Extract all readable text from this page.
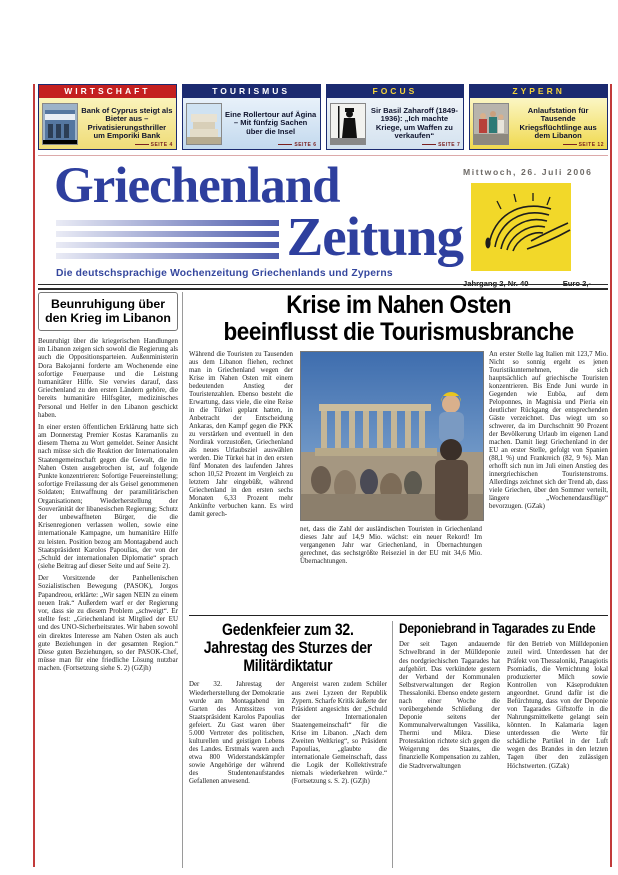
WIRTSCHAFT
Bank of Cyprus steigt als Bieter aus – Privatisierungsthriller um Emporiki Bank
SEITE 4
TOURISMUS
Eine Rollertour auf Ägina – Mit fünfzig Sachen über die Insel
SEITE 6
FOCUS
Sir Basil Zaharoff (1849-1936): „Ich machte Kriege, um Waffen zu verkaufen“
SEITE 7
ZYPERN
Anlaufstation für Tausende Kriegsflüchtlinge aus dem Libanon
SEITE 12
Griechenland
Zeitung
Die deutschsprachige Wochenzeitung Griechenlands und Zyperns
Mittwoch, 26. Juli 2006
Jahrgang 2, Nr. 40	Euro 2,-
Beunruhigung über den Krieg im Libanon

Beunruhigt über die kriegerischen Handlungen im Libanon zeigen sich sowohl die Regierung als auch die Oppositionsparteien. Außenministerin Dora Bakojanni forderte am Wochenende eine sofortige Feuerpause und die Leistung humanitärer Hilfe. Sie verwies darauf, dass Griechenland zu den ersten Ländern gehöre, die bereits humanitäre Hilfsgüter, medizinisches Personal und Helfer in den Libanon geschickt haben.

In einer ersten öffentlichen Erklärung hatte sich am Donnerstag Premier Kostas Karamanlis zu diesem Thema zu Wort gemeldet. Seiner Ansicht nach müsse sich die Reaktion der Internationalen Staatengemeinschaft gegen die Gewalt, die im Nahen Osten ausgebrochen ist, auf folgende Punkte konzentrieren: Sofortige Feuereinstellung; sofortige Freilassung der als Geisel genommenen Soldaten; Entwaffnung der paramilitärischen Organisationen; Wiederherstellung der Souveränität der libanesischen Regierung; Schutz der unbewaffneten Bürger, die die Krisenregionen verlassen wollen, sowie eine internationale Kampagne, um humanitäre Hilfe zu leisten. Position bezog am Montagabend auch Staatspräsident Karolos Papoulias, der von der „Schuld der internationalen Diplomatie“ sprach (siehe Beitrag auf dieser Seite und auf Seite 2).

Der Vorsitzende der Panhellenischen Sozialistischen Bewegung (PASOK), Jorgos Papandreou, erklärte: „Wir sagen NEIN zu einem neuen Irak.“ Außerdem warf er der Regierung vor, dass sie zu diesem Problem „schweigt“. Er stellte fest: „Griechenland ist Mitglied der EU und des UNO-Sicherheitsrates. Wir haben sowohl ein direktes Interesse am Nahen Osten als auch gute Beziehungen in der gesamten Region.“ Diese guten Beziehungen, so der PASOK-Chef, müsse man für eine friedliche Lösung nutzbar machen. (Fortsetzung siehe S. 2) (GZjh)

Krise im Nahen Osten
beeinflusst die Tourismusbranche

Während die Touristen zu Tausenden aus dem Libanon fliehen, rechnet man in Griechenland wegen der Krise im Nahen Osten mit einem bedeutenden Anstieg der Touristenzahlen. Ebenso besteht die Erwartung, dass viele, die eine Reise in die Türkei geplant hatten, in Anbetracht der Entscheidung Ankaras, den Kampf gegen die PKK zu verstärken und eventuell in den Nordirak vorzustoßen, Griechenland als neues Urlaubsziel auswählen werden. Die Türkei hat in den ersten fünf Monaten des laufenden Jahres schon 10,52 Prozent im Vergleich zu letztem Jahr eingebüßt, während Griechenland in den ersten sechs Monaten 6,33 Prozent mehr Ankünfte verbuchen kann. Es wird damit gerech-

net, dass die Zahl der ausländischen Touristen in Griechenland dieses Jahr auf 14,9 Mio. wächst: ein neuer Rekord! Im vergangenen Jahr war Griechenland, in Übernachtungen gerechnet, das sechstgrößte Reiseziel in der EU mit 34,6 Mio. Übernachtungen.

An erster Stelle lag Italien mit 123,7 Mio. Nicht so sonnig ergeht es jenen Touristikunternehmen, die sich hauptsächlich auf griechische Touristen konzentrieren. Bis Ende Juni wurde in Gegenden wie Euböa, auf dem Peloponnes, in Magnisia und Pieria ein deutlicher Rückgang der entsprechenden Gäste verzeichnet. Das wiegt um so schwerer, da im Durchschnitt 90 Prozent der Bevölkerung Urlaub im eigenen Land machen. Damit liegt Griechenland in der EU an erster Stelle, gefolgt von Spanien (88,1 %) und Frankreich (82, 9 %). Man erhofft sich nun im Juli einen Anstieg des innergriechischen Touristenstroms. Allerdings zeichnet sich der Trend ab, dass viele Griechen, über den Sommer verteilt, längere „Wochenendausflüge“ bevorzugen. (GZak)

Gedenkfeier zum 32. Jahrestag des Sturzes der Militärdiktatur

Der 32. Jahrestag der Wiederherstellung der Demokratie wurde am Montagabend im Garten des Amtssitzes von Staatspräsident Karolos Papoulias gefeiert. Zu Gast waren über 5.000 Vertreter des politischen, kulturellen und geistigen Lebens des Landes. Erstmals waren auch etwa 800 Widerstandskämpfer sowie Angehörige der während des Studentenaufstandes Gefallenen anwesend.

Angereist waren zudem Schüler aus zwei Lyzeen der Republik Zypern. Scharfe Kritik äußerte der Präsident angesichts der „Schuld der Internationalen Staatengemeinschaft“ für die Krise im Libanon. „Nach dem Zweiten Weltkrieg“, so Präsident Papoulias, „glaubte die internationale Gemeinschaft, dass die Logik der Kollektivstrafe niemals wiederkehren würde.“ (Fortsetzung s. S. 2). (GZjh)

Deponiebrand in Tagarades zu Ende

Der seit Tagen andauernde Schwelbrand in der Mülldeponie des nordgriechischen Tagarades hat aufgehört. Das verkündete gestern der Verband der Kommunalen Selbstverwaltungen der Region Thessaloniki. Ebenso endete gestern nach einer Woche die vorübergehende Schließung der Deponie seitens der Kommunalverwaltungen Vassilika, Thermi und Mikra. Diese Protestaktion richtete sich gegen die Weigerung des Staates, die finanzielle Kompensation zu zahlen, die Stadtverwaltungen

für den Betrieb von Mülldeponien zuteil wird. Unterdessen hat der Präfekt von Thessaloniki, Panagiotis Psomiadis, die Vernichtung lokal produzierter Milch sowie Kontrollen von Käseprodukten angeordnet. Grund dafür ist die Befürchtung, dass von der Deponie von Tagarades Giftstoffe in die Nahrungsmittelkette gelangt sein könnten. In Kalamaria lagen unterdessen die Werte für schädliche Partikel in der Luft wegen des Brandes in den letzten Tagen über den zulässigen Höchstwerten. (GZak)
